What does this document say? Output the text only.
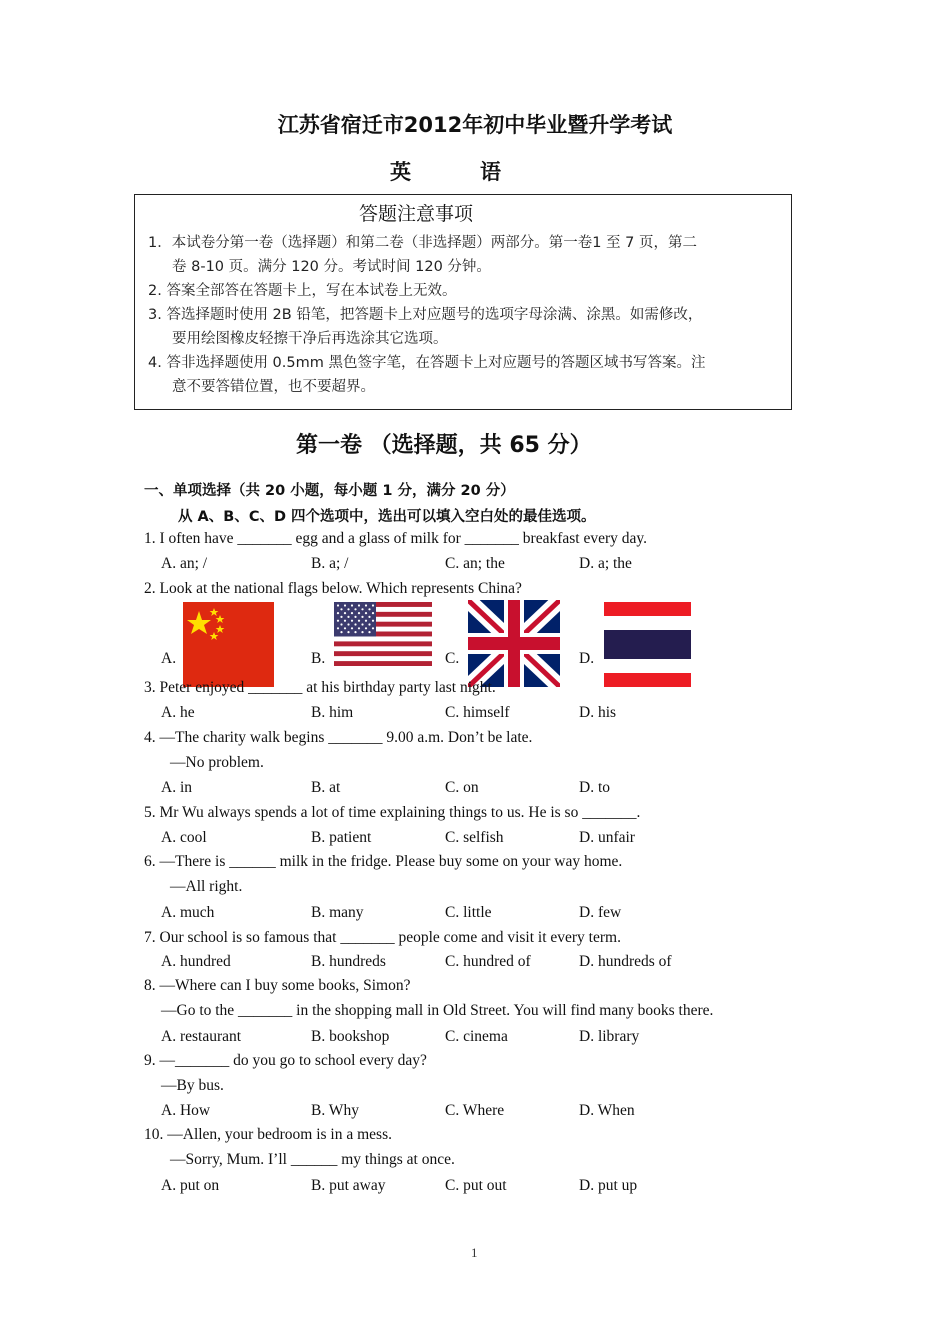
江苏省宿迁市2012年初中毕业暨升学考试
英	语
答题注意事项
1．本试卷分第一卷（选择题）和第二卷（非选择题）两部分。第一卷1 至 7 页，第二
卷 8-10 页。满分 120 分。考试时间 120 分钟。
2. 答案全部答在答题卡上，写在本试卷上无效。
3. 答选择题时使用 2B 铅笔，把答题卡上对应题号的选项字母涂满、涂黑。如需修改，
要用绘图橡皮轻擦干净后再选涂其它选项。
4. 答非选择题使用 0.5mm 黑色签字笔，在答题卡上对应题号的答题区域书写答案。注
意不要答错位置，也不要超界。
第一卷 （选择题，共 65 分）
一、单项选择（共 20 小题，每小题 1 分，满分 20 分）
从 A、B、C、D 四个选项中，选出可以填入空白处的最佳选项。
1. I often have _______ egg and a glass of milk for _______ breakfast every day.
A. an; /	B. a; /	C. an; the	D. a; the
2. Look at the national flags below. Which represents China?
A.	B.	C.	D.
3. Peter enjoyed _______ at his birthday party last night.
A. he	B. him	C. himself	D. his
4. —The charity walk begins _______ 9.00 a.m. Don’t be late.
—No problem.
A. in	B. at	C. on	D. to
5. Mr Wu always spends a lot of time explaining things to us. He is so _______.
A. cool	B. patient	C. selfish	D. unfair
6. —There is ______ milk in the fridge. Please buy some on your way home.
—All right.
A. much	B. many	C. little	D. few
7. Our school is so famous that _______ people come and visit it every term.
A. hundred	B. hundreds	C. hundred of	D. hundreds of
8. —Where can I buy some books, Simon?
—Go to the _______ in the shopping mall in Old Street. You will find many books there.
A. restaurant	B. bookshop	C. cinema	D. library
9. —_______ do you go to school every day?
—By bus.
A. How	B. Why	C. Where	D. When
10. —Allen, your bedroom is in a mess.
—Sorry, Mum. I’ll ______ my things at once.
A. put on	B. put away	C. put out	D. put up
1
